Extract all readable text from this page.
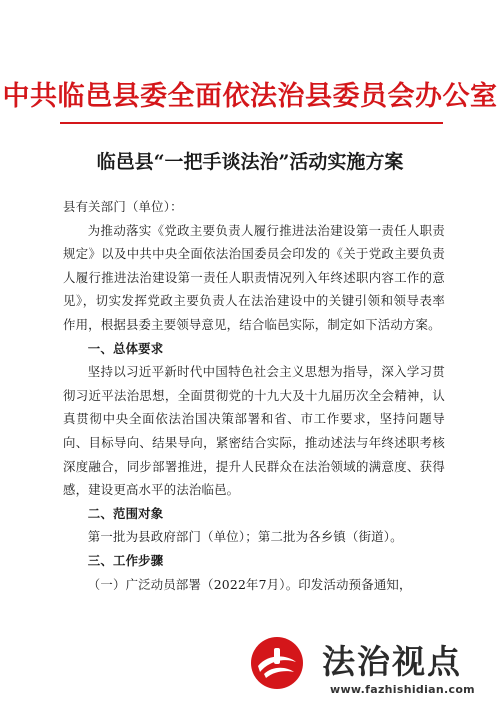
中共临邑县委全面依法治县委员会办公室
临邑县“一把手谈法治”活动实施方案

县有关部门（单位）：

为推动落实《党政主要负责人履行推进法治建设第一责任人职责规定》以及中共中央全面依法治国委员会印发的《关于党政主要负责人履行推进法治建设第一责任人职责情况列入年终述职内容工作的意见》，切实发挥党政主要负责人在法治建设中的关键引领和领导表率作用，根据县委主要领导意见，结合临邑实际，制定如下活动方案。

一、总体要求

坚持以习近平新时代中国特色社会主义思想为指导，深入学习贯彻习近平法治思想，全面贯彻党的十九大及十九届历次全会精神，认真贯彻中央全面依法治国决策部署和省、市工作要求，坚持问题导向、目标导向、结果导向，紧密结合实际，推动述法与年终述职考核深度融合，同步部署推进，提升人民群众在法治领域的满意度、获得感，建设更高水平的法治临邑。

二、范围对象

第一批为县政府部门（单位）；第二批为各乡镇（街道）。

三、工作步骤

（一）广泛动员部署（2022年7月）。印发活动预备通知，

法治视点
www.fazhishidian.com
